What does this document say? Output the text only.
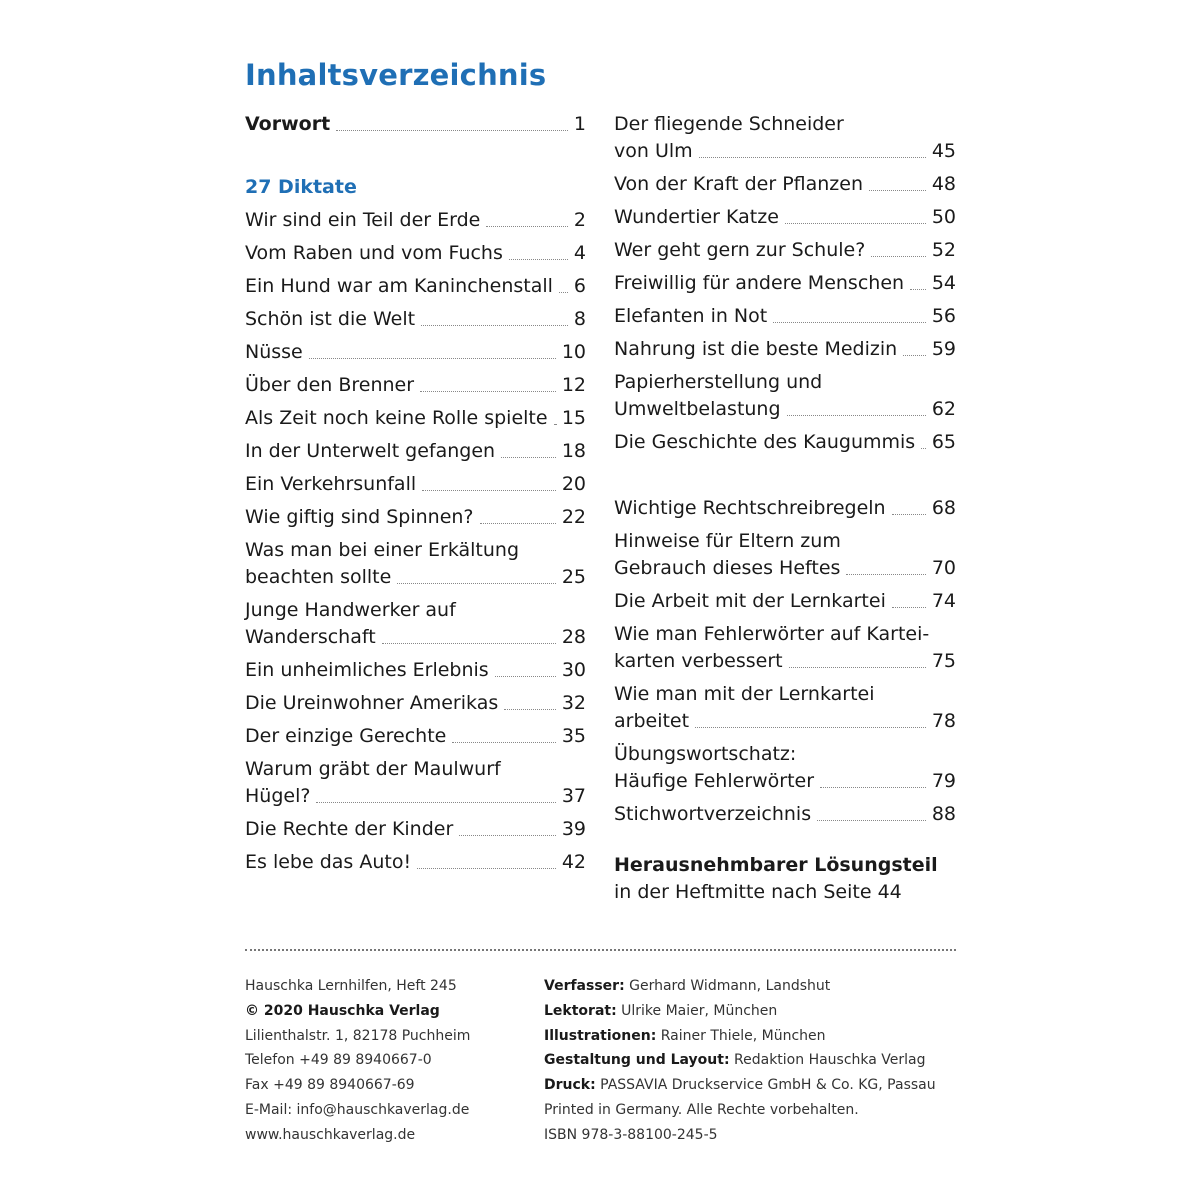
Inhaltsverzeichnis
Vorwort	1
27 Diktate
Wir sind ein Teil der Erde	2
Vom Raben und vom Fuchs	4
Ein Hund war am Kaninchenstall 6
Schön ist die Welt	8
Nüsse	10
Über den Brenner	12
Als Zeit noch keine Rolle spielte 15
In der Unterwelt gefangen	18
Ein Verkehrsunfall	20
Wie giftig sind Spinnen?	22
Was man bei einer Erkältung
beachten sollte	25
Junge Handwerker auf
Wanderschaft	28
Ein unheimliches Erlebnis	30
Die Ureinwohner Amerikas	32
Der einzige Gerechte	35
Warum gräbt der Maulwurf
Hügel?	37
Die Rechte der Kinder	39
Es lebe das Auto!	42
Der fliegende Schneider
von Ulm	45
Von der Kraft der Pflanzen	48
Wundertier Katze	50
Wer geht gern zur Schule?	52
Freiwillig für andere Menschen 54
Elefanten in Not	56
Nahrung ist die beste Medizin 59
Papierherstellung und
Umweltbelastung	62
Die Geschichte des Kaugummis 65
Wichtige Rechtschreibregeln 68
Hinweise für Eltern zum
Gebrauch dieses Heftes	70
Die Arbeit mit der Lernkartei 74
Wie man Fehlerwörter auf Kartei-
karten verbessert	75
Wie man mit der Lernkartei
arbeitet	78
Übungswortschatz:
Häufige Fehlerwörter	79
Stichwortverzeichnis	88
Herausnehmbarer Lösungsteil
in der Heftmitte nach Seite 44
Hauschka Lernhilfen, Heft 245
© 2020 Hauschka Verlag
Lilienthalstr. 1, 82178 Puchheim
Telefon +49 89 8940667-0
Fax +49 89 8940667-69
E-Mail: info@hauschkaverlag.de
www.hauschkaverlag.de
Verfasser: Gerhard Widmann, Landshut
Lektorat: Ulrike Maier, München
Illustrationen: Rainer Thiele, München
Gestaltung und Layout: Redaktion Hauschka Verlag
Druck: PASSAVIA Druckservice GmbH & Co. KG, Passau
Printed in Germany. Alle Rechte vorbehalten.
ISBN 978-3-88100-245-5
